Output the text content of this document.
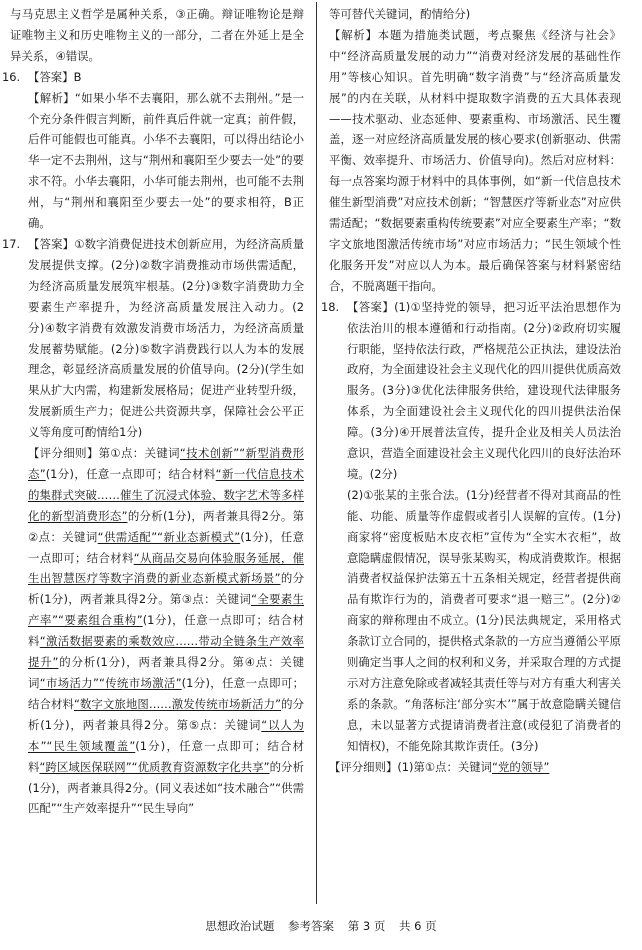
与马克思主义哲学是属种关系，③正确。辩证唯物论是辩证唯物主义和历史唯物主义的一部分，二者在外延上是全异关系，④错误。

16. 【答案】B

【解析】“如果小华不去襄阳，那么就不去荆州。”是一个充分条件假言判断，前件真后件就一定真；前件假，后件可能假也可能真。小华不去襄阳，可以得出结论小华一定不去荆州，这与“荆州和襄阳至少要去一处”的要求不符。小华去襄阳，小华可能去荆州，也可能不去荆州，与“荆州和襄阳至少要去一处”的要求相符，B正确。

17. 【答案】①数字消费促进技术创新应用，为经济高质量发展提供支撑。(2分)②数字消费推动市场供需适配，为经济高质量发展筑牢根基。(2分)③数字消费助力全要素生产率提升，为经济高质量发展注入动力。(2分)④数字消费有效激发消费市场活力，为经济高质量发展蓄势赋能。(2分)⑤数字消费践行以人为本的发展理念，彰显经济高质量发展的价值导向。(2分)(学生如果从扩大内需，构建新发展格局；促进产业转型升级，发展新质生产力；促进公共资源共享，保障社会公平正义等角度可酌情给1分)

【评分细则】第①点：关键词“技术创新”“新型消费形态”(1分)，任意一点即可；结合材料“新一代信息技术的集群式突破……催生了沉浸式体验、数字艺术等多样化的新型消费形态”的分析(1分)，两者兼具得2分。第②点：关键词“供需适配”“新业态新模式”(1分)，任意一点即可；结合材料“从商品交易向体验服务延展，催生出智慧医疗等数字消费的新业态新模式新场景”的分析(1分)，两者兼具得2分。第③点：关键词“全要素生产率”“要素组合重构”(1分)，任意一点即可；结合材料“激活数据要素的乘数效应……带动全链条生产效率提升”的分析(1分)，两者兼具得2分。第④点：关键词“市场活力”“传统市场激活”(1分)，任意一点即可；结合材料“数字文旅地图……激发传统市场新活力”的分析(1分)，两者兼具得2分。第⑤点：关键词“以人为本”“民生领域覆盖”(1分)，任意一点即可；结合材料“跨区域医保联网”“优质教育资源数字化共享”的分析(1分)，两者兼具得2分。(同义表述如“技术融合”“供需匹配”“生产效率提升”“民生导向”

等可替代关键词，酌情给分)

【解析】本题为措施类试题，考点聚焦《经济与社会》中“经济高质量发展的动力”“消费对经济发展的基础性作用”等核心知识。首先明确“数字消费”与“经济高质量发展”的内在关联，从材料中提取数字消费的五大具体表现——技术驱动、业态延伸、要素重构、市场激活、民生覆盖，逐一对应经济高质量发展的核心要求(创新驱动、供需平衡、效率提升、市场活力、价值导向)。然后对应材料：每一点答案均源于材料中的具体事例，如“新一代信息技术催生新型消费”对应技术创新；“智慧医疗等新业态”对应供需适配；“数据要素重构传统要素”对应全要素生产率；“数字文旅地图激活传统市场”对应市场活力；“民生领域个性化服务开发”对应以人为本。最后确保答案与材料紧密结合，不脱离题干指向。

18. 【答案】(1)①坚持党的领导，把习近平法治思想作为依法治川的根本遵循和行动指南。(2分)②政府切实履行职能，坚持依法行政，严格规范公正执法，建设法治政府，为全面建设社会主义现代化的四川提供优质高效服务。(3分)③优化法律服务供给，建设现代法律服务体系，为全面建设社会主义现代化的四川提供法治保障。(3分)④开展普法宣传，提升企业及相关人员法治意识，营造全面建设社会主义现代化四川的良好法治环境。(2分)

(2)①张某的主张合法。(1分)经营者不得对其商品的性能、功能、质量等作虚假或者引人误解的宣传。(1分)商家将“密度板贴木皮衣柜”宣传为“全实木衣柜”，故意隐瞒虚假情况，误导张某购买，构成消费欺诈。根据消费者权益保护法第五十五条相关规定，经营者提供商品有欺诈行为的，消费者可要求“退一赔三”。(2分)②商家的辩称理由不成立。(1分)民法典规定，采用格式条款订立合同的，提供格式条款的一方应当遵循公平原则确定当事人之间的权利和义务，并采取合理的方式提示对方注意免除或者减轻其责任等与对方有重大利害关系的条款。“角落标注‘部分实木’”属于故意隐瞒关键信息，未以显著方式提请消费者注意(或侵犯了消费者的知情权)，不能免除其欺诈责任。(3分)

【评分细则】(1)第①点：关键词“党的领导”

思想政治试题 参考答案 第 3 页 共 6 页
